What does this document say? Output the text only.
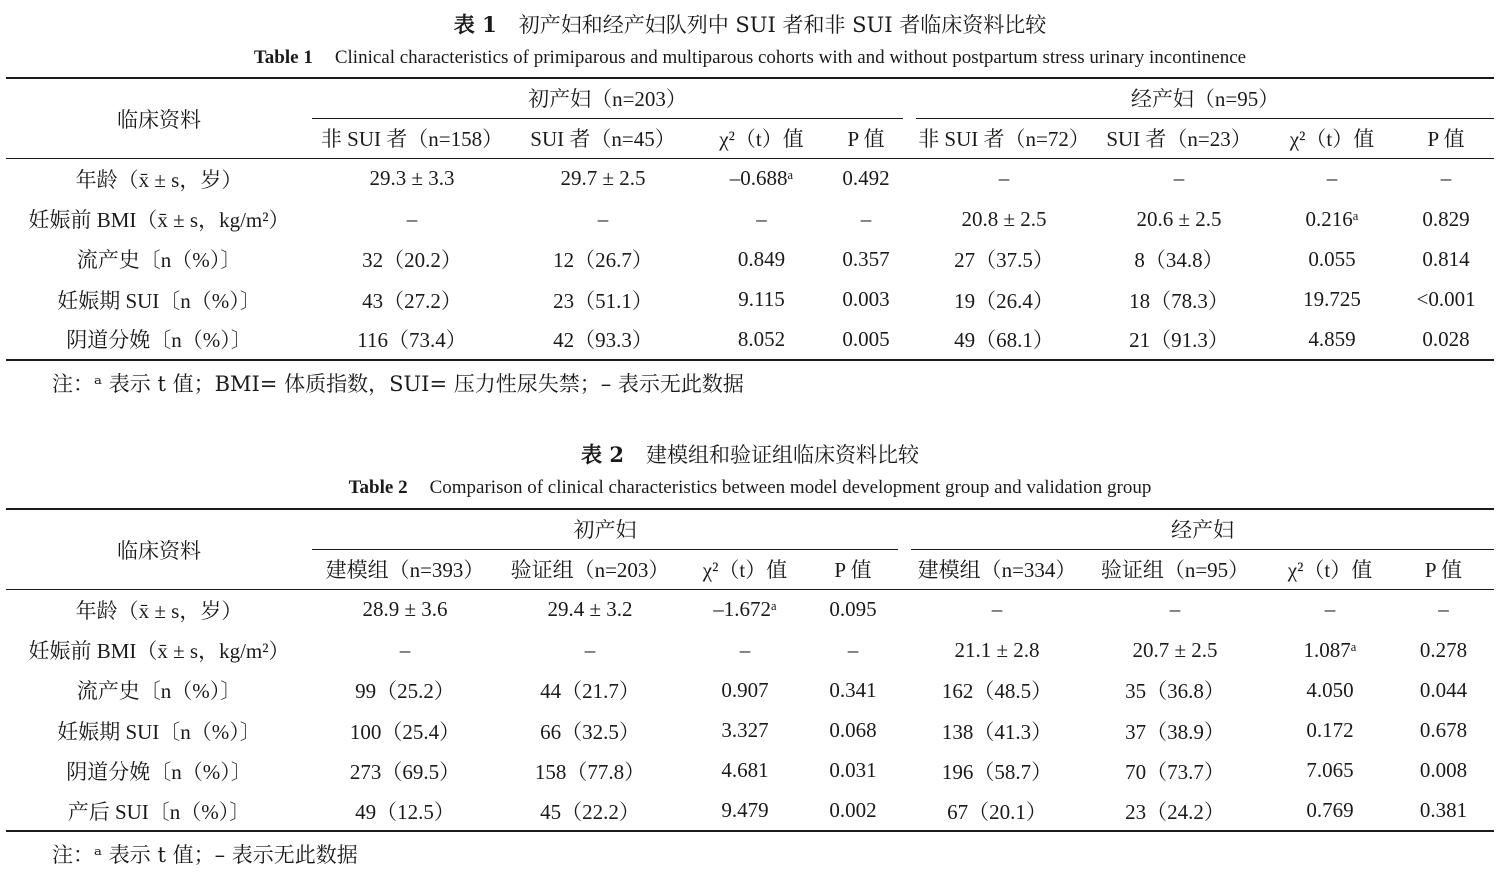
表 1 初产妇和经产妇队列中 SUI 者和非 SUI 者临床资料比较
Table 1 Clinical characteristics of primiparous and multiparous cohorts with and without postpartum stress urinary incontinence
临床资料	初产妇（n=203）					经产妇（n=95）			
	非 SUI 者（n=158）	SUI 者（n=45）	χ²（t）值	P 值		非 SUI 者（n=72）	SUI 者（n=23）	χ²（t）值	P 值
年龄（x̄ ± s，岁）	29.3 ± 3.3	29.7 ± 2.5	–0.688ᵃ	0.492		–	–	–	–
妊娠前 BMI（x̄ ± s，kg/m²）	–	–	–	–		20.8 ± 2.5	20.6 ± 2.5	0.216ᵃ	0.829
流产史〔n（%）〕	32（20.2）	12（26.7）	0.849	0.357		27（37.5）	8（34.8）	0.055	0.814
妊娠期 SUI〔n（%）〕	43（27.2）	23（51.1）	9.115	0.003		19（26.4）	18（78.3）	19.725	<0.001
阴道分娩〔n（%）〕	116（73.4）	42（93.3）	8.052	0.005		49（68.1）	21（91.3）	4.859	0.028
注：ᵃ 表示 t 值；BMI= 体质指数，SUI= 压力性尿失禁；– 表示无此数据
表 2 建模组和验证组临床资料比较
Table 2 Comparison of clinical characteristics between model development group and validation group
临床资料	初产妇					经产妇			
	建模组（n=393）	验证组（n=203）	χ²（t）值	P 值		建模组（n=334）	验证组（n=95）	χ²（t）值	P 值
年龄（x̄ ± s，岁）	28.9 ± 3.6	29.4 ± 3.2	–1.672ᵃ	0.095		–	–	–	–
妊娠前 BMI（x̄ ± s，kg/m²）	–	–	–	–		21.1 ± 2.8	20.7 ± 2.5	1.087ᵃ	0.278
流产史〔n（%）〕	99（25.2）	44（21.7）	0.907	0.341		162（48.5）	35（36.8）	4.050	0.044
妊娠期 SUI〔n（%）〕	100（25.4）	66（32.5）	3.327	0.068		138（41.3）	37（38.9）	0.172	0.678
阴道分娩〔n（%）〕	273（69.5）	158（77.8）	4.681	0.031		196（58.7）	70（73.7）	7.065	0.008
产后 SUI〔n（%）〕	49（12.5）	45（22.2）	9.479	0.002		67（20.1）	23（24.2）	0.769	0.381
注：ᵃ 表示 t 值；– 表示无此数据
